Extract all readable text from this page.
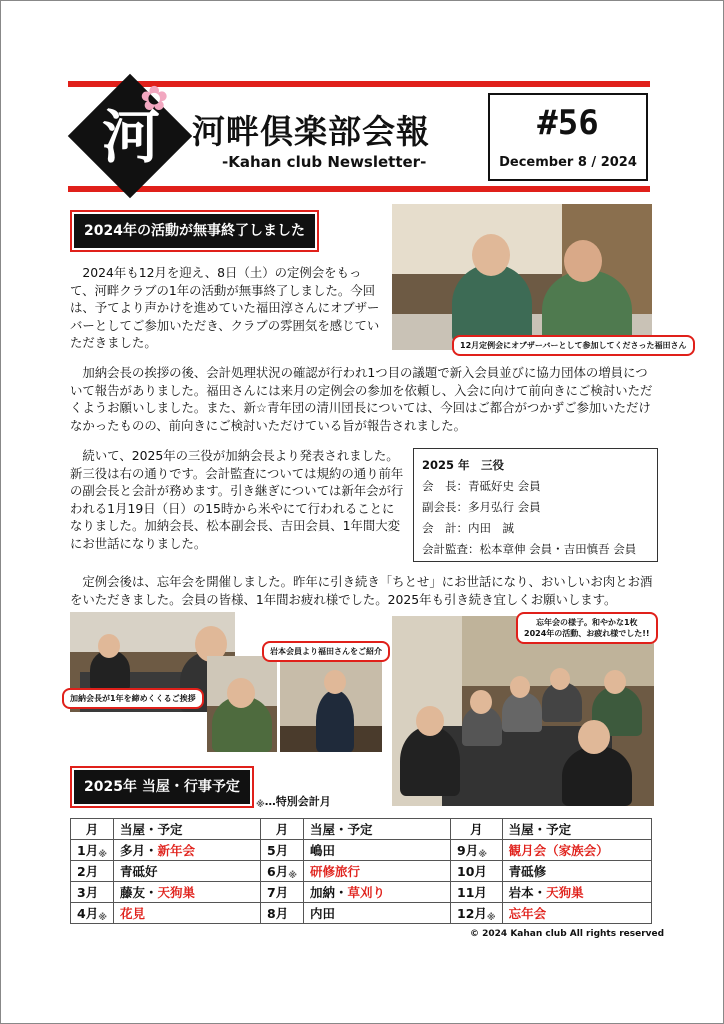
河
✿
河畔倶楽部会報
-Kahan club Newsletter-
#56
December 8 / 2024
2024年の活動が無事終了しました
12月定例会にオブザーバーとして参加してくださった福田さん

2024年も12月を迎え、8日（土）の定例会をもって、河畔クラブの1年の活動が無事終了しました。今回は、予てより声かけを進めていた福田淳さんにオブザーバーとしてご参加いただき、クラブの雰囲気を感じていただきました。

加納会長の挨拶の後、会計処理状況の確認が行われ1つ目の議題で新入会員並びに協力団体の増員について報告がありました。福田さんには来月の定例会の参加を依頼し、入会に向けて前向きにご検討いただくようお願いしました。また、新☆青年団の清川団長については、今回はご都合がつかずご参加いただけなかったものの、前向きにご検討いただけている旨が報告されました。

続いて、2025年の三役が加納会長より発表されました。新三役は右の通りです。会計監査については規約の通り前年の副会長と会計が務めます。引き継ぎについては新年会が行われる1月19日（日）の15時から米やにて行われることになりました。加納会長、松本副会長、吉田会員、1年間大変にお世話になりました。

定例会後は、忘年会を開催しました。昨年に引き続き「ちとせ」にお世話になり、おいしいお肉とお酒をいただきました。会員の皆様、1年間お疲れ様でした。2025年も引き続き宜しくお願いします。

2025 年　三役
会　長：青砥好史 会員
副会長：多月弘行 会員
会　計：内田　誠
会計監査：松本章伸 会員・吉田慎吾 会員
加納会長が1年を締めくくるご挨拶
岩本会員より福田さんをご紹介
忘年会の様子。和やかな1枚
2024年の活動、お疲れ様でした!!
2025年 当屋・行事予定
※…特別会計月
月	当屋・予定	月	当屋・予定	月	当屋・予定
1月※	多月・新年会	5月	嶋田	9月※	観月会（家族会）
2月	青砥好	6月※	研修旅行	10月	青砥修
3月	藤友・天狗巣	7月	加納・草刈り	11月	岩本・天狗巣
4月※	花見	8月	内田	12月※	忘年会
© 2024 Kahan club All rights reserved
